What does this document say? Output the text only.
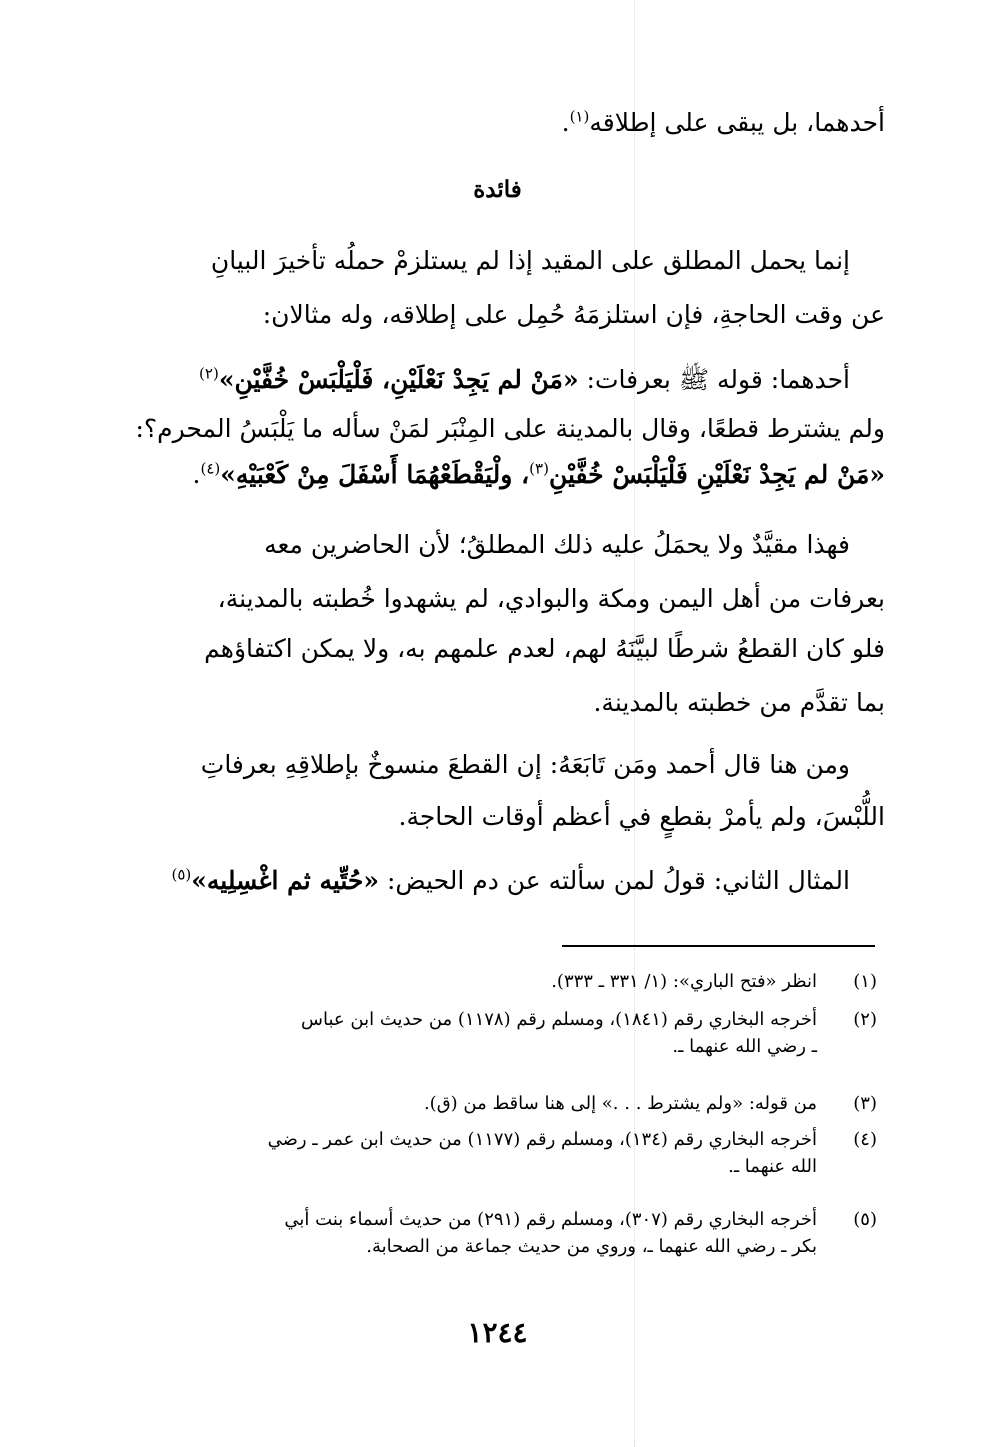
أحدهما، بل يبقى على إطلاقه$^{(١)}$.
فائدة
إنما يحمل المطلق على المقيد إذا لم يستلزمْ حملُه تأخيرَ البيانِ
عن وقت الحاجةِ، فإن استلزمَهُ حُمِل على إطلاقه، وله مثالان:
أحدهما: قوله ﷺ بعرفات: «مَنْ لم يَجِدْ نَعْلَيْنِ، فَلْيَلْبَسْ خُفَّيْنِ»$^{(٢)}$
ولم يشترط قطعًا، وقال بالمدينة على المِنْبَر لمَنْ سأله ما يَلْبَسُ المحرم؟:
«مَنْ لم يَجِدْ نَعْلَيْنِ فَلْيَلْبَسْ خُفَّيْنِ$^{(٣)}$، ولْيَقْطَعْهُمَا أَسْفَلَ مِنْ كَعْبَيْهِ»$^{(٤)}$.
فهذا مقيَّدٌ ولا يحمَلُ عليه ذلك المطلقُ؛ لأن الحاضرين معه
بعرفات من أهل اليمن ومكة والبوادي، لم يشهدوا خُطبته بالمدينة،
فلو كان القطعُ شرطًا لبيَّنَهُ لهم، لعدم علمهم به، ولا يمكن اكتفاؤهم
بما تقدَّم من خطبته بالمدينة.
ومن هنا قال أحمد ومَن تَابَعَهُ: إن القطعَ منسوخٌ بإطلاقِهِ بعرفاتِ
اللُّبْسَ، ولم يأمرْ بقطعٍ في أعظم أوقات الحاجة.
المثال الثاني: قولُ لمن سألته عن دم الحيض: «حُتِّيه ثم اغْسِلِيه»$^{(٥)}$
(١)
انظر «فتح الباري»: (١/ ٣٣١ ـ ٣٣٣).
(٢)
أخرجه البخاري رقم (١٨٤١)، ومسلم رقم (١١٧٨) من حديث ابن عباس
ـ رضي الله عنهما ـ.
(٣)
من قوله: «ولم يشترط . . .» إلى هنا ساقط من (ق).
(٤)
أخرجه البخاري رقم (١٣٤)، ومسلم رقم (١١٧٧) من حديث ابن عمر ـ رضي
الله عنهما ـ.
(٥)
أخرجه البخاري رقم (٣٠٧)، ومسلم رقم (٢٩١) من حديث أسماء بنت أبي
بكر ـ رضي الله عنهما ـ، وروي من حديث جماعة من الصحابة.
١٢٤٤
